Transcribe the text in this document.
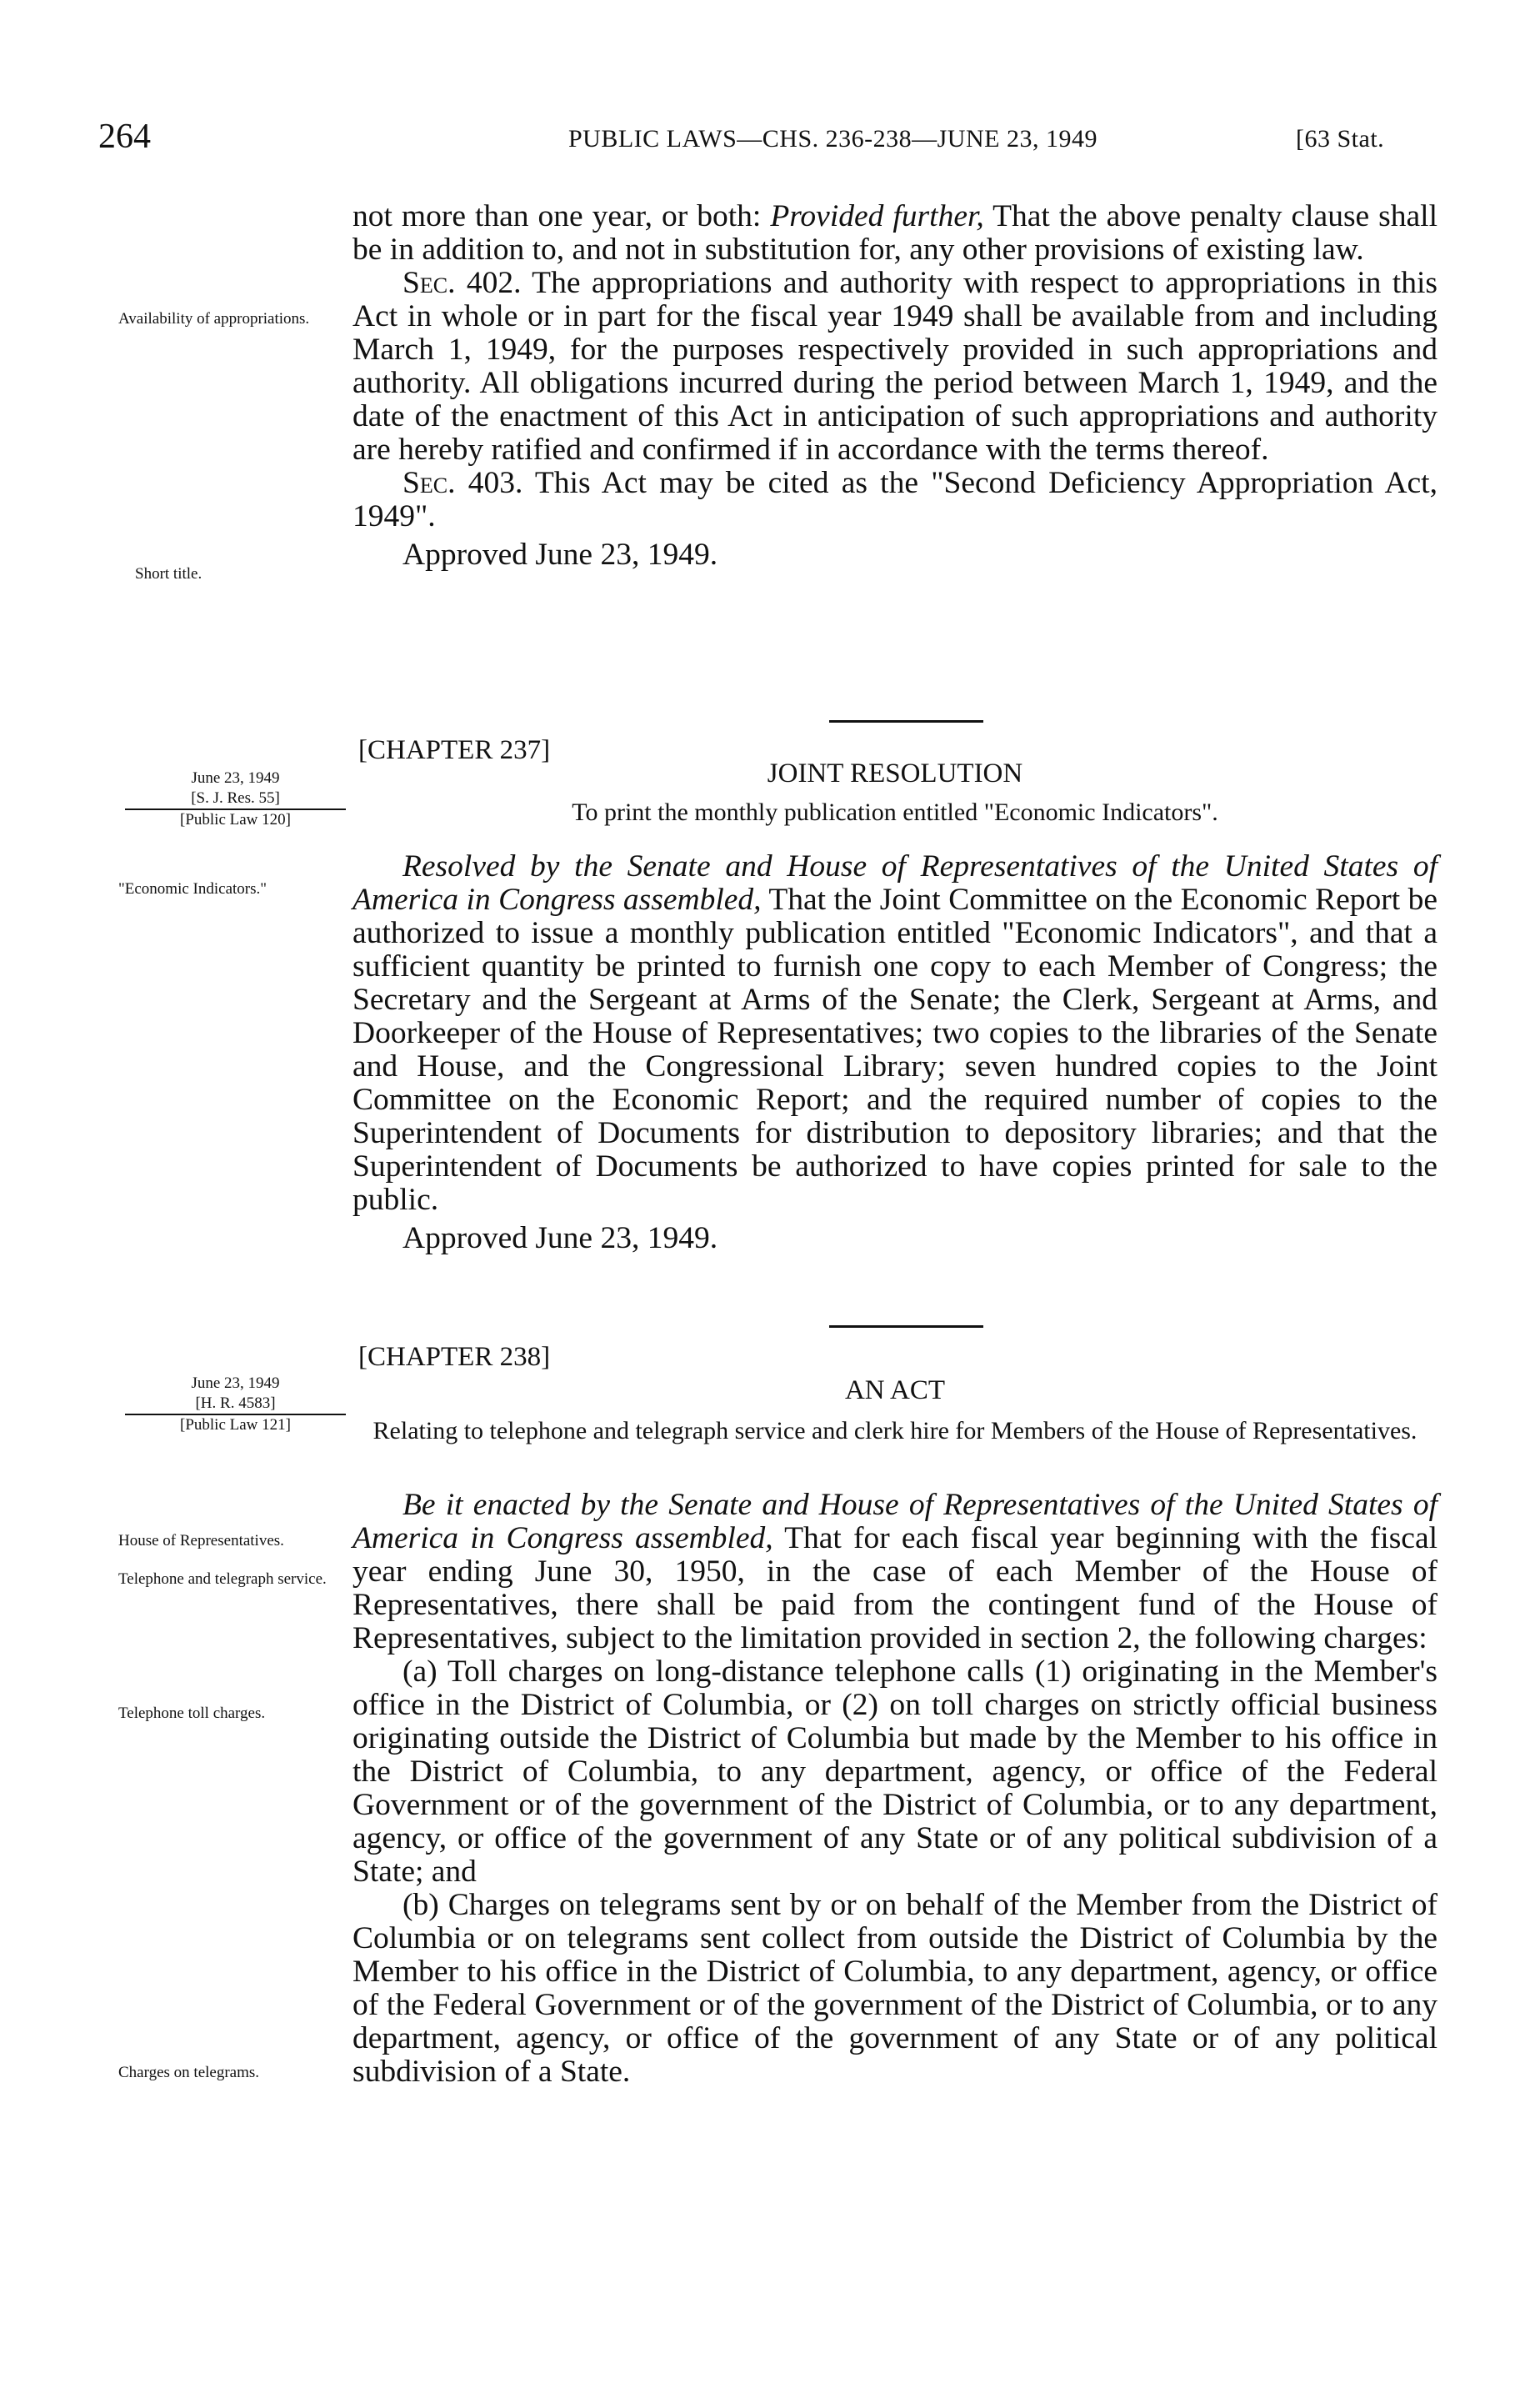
264	PUBLIC LAWS—CHS. 236-238—JUNE 23, 1949	[63 Stat.
Availability of appropriations.
Short title.
June 23, 1949
[S. J. Res. 55]
[Public Law 120]
"Economic Indicators."
June 23, 1949
[H. R. 4583]
[Public Law 121]
House of Representatives.
Telephone and telegraph service.
Telephone toll charges.
Charges on telegrams.

not more than one year, or both: Provided further, That the above penalty clause shall be in addition to, and not in substitution for, any other provisions of existing law.

Sec. 402. The appropriations and authority with respect to appropriations in this Act in whole or in part for the fiscal year 1949 shall be available from and including March 1, 1949, for the purposes respectively provided in such appropriations and authority. All obligations incurred during the period between March 1, 1949, and the date of the enactment of this Act in anticipation of such appropriations and authority are hereby ratified and confirmed if in accordance with the terms thereof.

Sec. 403. This Act may be cited as the "Second Deficiency Appropriation Act, 1949".

Approved June 23, 1949.

[CHAPTER 237]
JOINT RESOLUTION
To print the monthly publication entitled "Economic Indicators".

Resolved by the Senate and House of Representatives of the United States of America in Congress assembled, That the Joint Committee on the Economic Report be authorized to issue a monthly publication entitled "Economic Indicators", and that a sufficient quantity be printed to furnish one copy to each Member of Congress; the Secretary and the Sergeant at Arms of the Senate; the Clerk, Sergeant at Arms, and Doorkeeper of the House of Representatives; two copies to the libraries of the Senate and House, and the Congressional Library; seven hundred copies to the Joint Committee on the Economic Report; and the required number of copies to the Superintendent of Documents for distribution to depository libraries; and that the Superintendent of Documents be authorized to have copies printed for sale to the public.

Approved June 23, 1949.

[CHAPTER 238]
AN ACT
Relating to telephone and telegraph service and clerk hire for Members of the House of Representatives.

Be it enacted by the Senate and House of Representatives of the United States of America in Congress assembled, That for each fiscal year beginning with the fiscal year ending June 30, 1950, in the case of each Member of the House of Representatives, there shall be paid from the contingent fund of the House of Representatives, subject to the limitation provided in section 2, the following charges:

(a) Toll charges on long-distance telephone calls (1) originating in the Member's office in the District of Columbia, or (2) on toll charges on strictly official business originating outside the District of Columbia but made by the Member to his office in the District of Columbia, to any department, agency, or office of the Federal Government or of the government of the District of Columbia, or to any department, agency, or office of the government of any State or of any political subdivision of a State; and

(b) Charges on telegrams sent by or on behalf of the Member from the District of Columbia or on telegrams sent collect from outside the District of Columbia by the Member to his office in the District of Columbia, to any department, agency, or office of the Federal Government or of the government of the District of Columbia, or to any department, agency, or office of the government of any State or of any political subdivision of a State.
